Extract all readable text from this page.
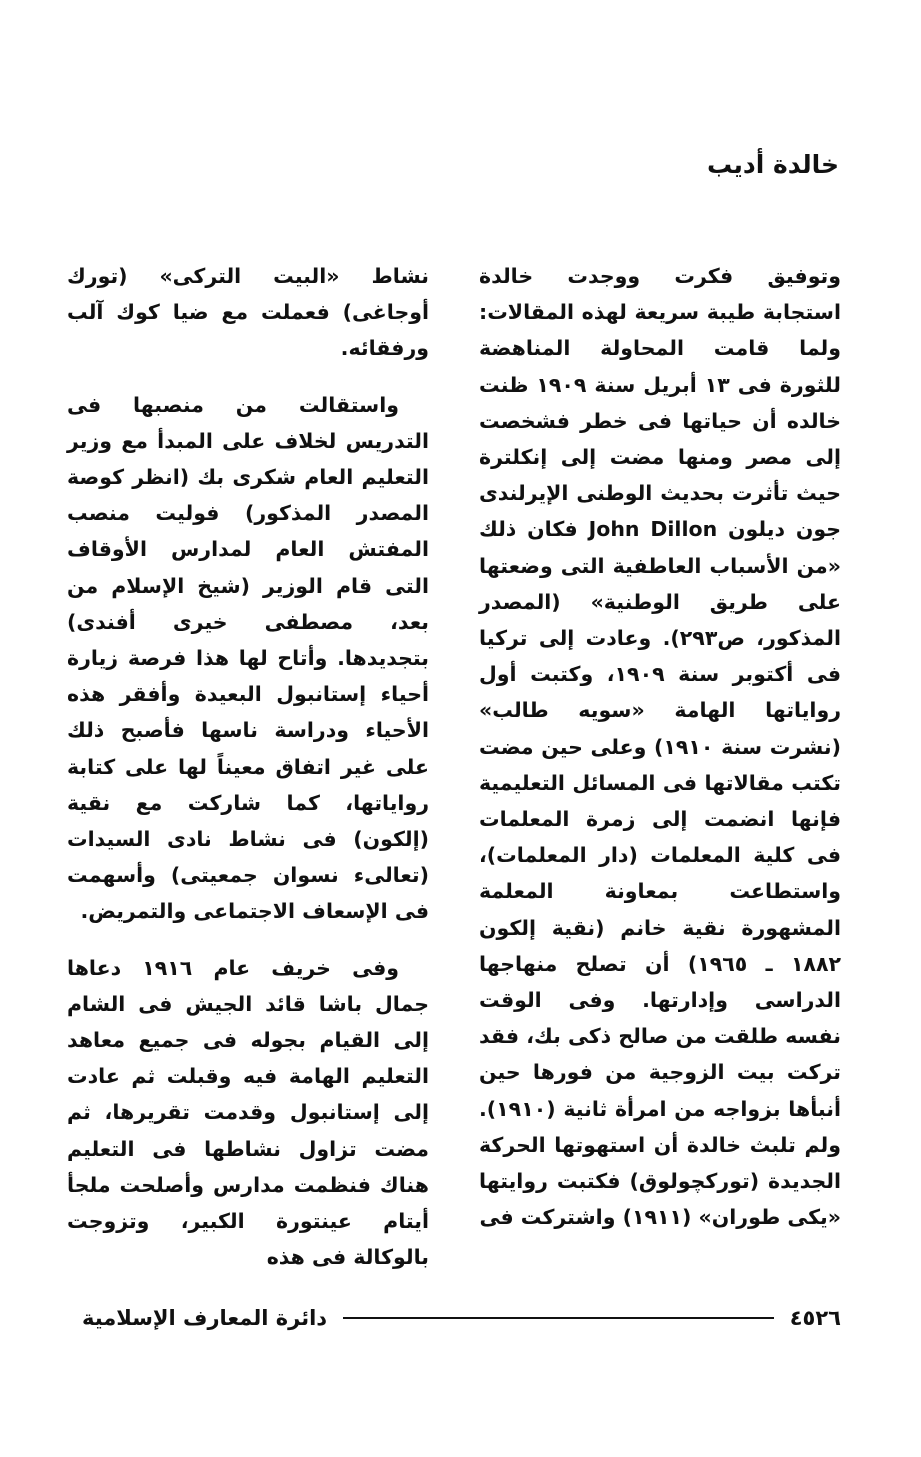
خالدة أديب

وتوفيق فكرت ووجدت خالدة استجابة طيبة سريعة لهذه المقالات: ولما قامت المحاولة المناهضة للثورة فى ١٣ أبريل سنة ١٩٠٩ ظنت خالده أن حياتها فى خطر فشخصت إلى مصر ومنها مضت إلى إنكلترة حيث تأثرت بحديث الوطنى الإيرلندى جون ديلون John Dillon فكان ذلك «من الأسباب العاطفية التى وضعتها على طريق الوطنية» (المصدر المذكور، ص٢٩٣). وعادت إلى تركيا فى أكتوبر سنة ١٩٠٩، وكتبت أول رواياتها الهامة «سويه طالب» (نشرت سنة ١٩١٠) وعلى حين مضت تكتب مقالاتها فى المسائل التعليمية فإنها انضمت إلى زمرة المعلمات فى كلية المعلمات (دار المعلمات)، واستطاعت بمعاونة المعلمة المشهورة نقية خانم (نقية إلكون ١٨٨٢ ـ ١٩٦٥) أن تصلح منهاجها الدراسى وإدارتها. وفى الوقت نفسه طلقت من صالح ذكى بك، فقد تركت بيت الزوجية من فورها حين أنبأها بزواجه من امرأة ثانية (١٩١٠). ولم تلبث خالدة أن استهوتها الحركة الجديدة (توركچولوق) فكتبت روايتها «يكى طوران» (١٩١١) واشتركت فى

نشاط «البيت التركى» (تورك أوجاغى) فعملت مع ضيا كوك آلب ورفقائه.

واستقالت من منصبها فى التدريس لخلاف على المبدأ مع وزير التعليم العام شكرى بك (انظر كوصة المصدر المذكور) فوليت منصب المفتش العام لمدارس الأوقاف التى قام الوزير (شيخ الإسلام من بعد، مصطفى خيرى أفندى) بتجديدها. وأتاح لها هذا فرصة زيارة أحياء إستانبول البعيدة وأفقر هذه الأحياء ودراسة ناسها فأصبح ذلك على غير اتفاق معيناً لها على كتابة رواياتها، كما شاركت مع نقية (إلكون) فى نشاط نادى السيدات (تعالىء نسوان جمعيتى) وأسهمت فى الإسعاف الاجتماعى والتمريض.

وفى خريف عام ١٩١٦ دعاها جمال باشا قائد الجيش فى الشام إلى القيام بجوله فى جميع معاهد التعليم الهامة فيه وقبلت ثم عادت إلى إستانبول وقدمت تقريرها، ثم مضت تزاول نشاطها فى التعليم هناك فنظمت مدارس وأصلحت ملجأ أيتام عينتورة الكبير، وتزوجت بالوكالة فى هذه

٤٥٢٦
دائرة المعارف الإسلامية
